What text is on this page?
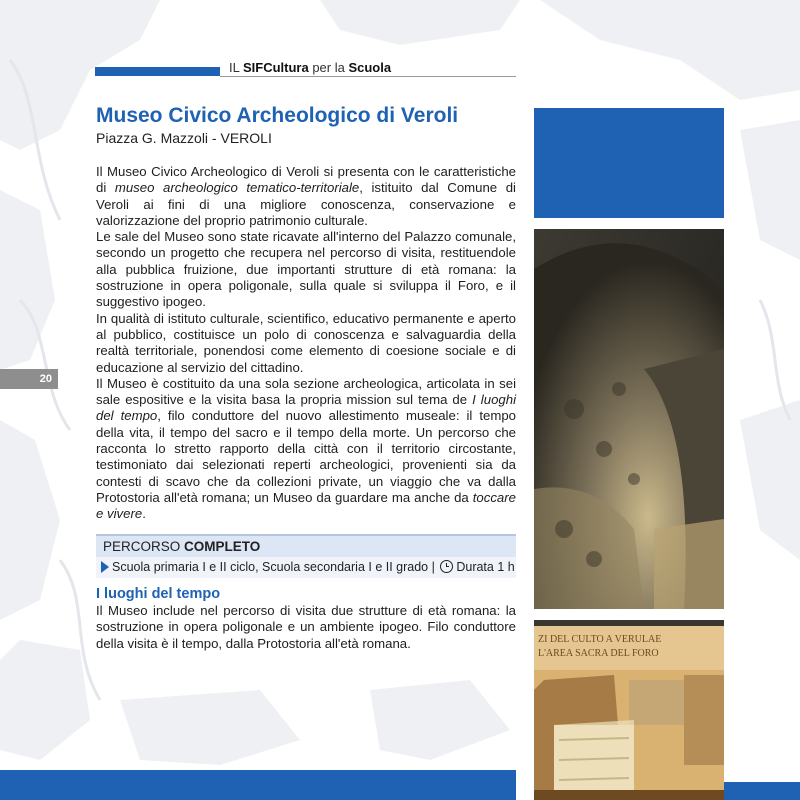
IL SIFCultura per la Scuola
Museo Civico Archeologico di Veroli
Piazza G. Mazzoli - VEROLI
20

Il Museo Civico Archeologico di Veroli si presenta con le caratteristiche di museo archeologico tematico-territoriale, istituito dal Comune di Veroli ai fini di una migliore conoscenza, conservazione e valorizzazione del proprio patrimonio culturale.

Le sale del Museo sono state ricavate all'interno del Palazzo comunale, secondo un progetto che recupera nel percorso di visita, restituendole alla pubblica fruizione, due importanti strutture di età romana: la sostruzione in opera poligonale, sulla quale si sviluppa il Foro, e il suggestivo ipogeo.

In qualità di istituto culturale, scientifico, educativo permanente e aperto al pubblico, costituisce un polo di conoscenza e salvaguardia della realtà territoriale, ponendosi come elemento di coesione sociale e di educazione al servizio del cittadino.

Il Museo è costituito da una sola sezione archeologica, articolata in sei sale espositive e la visita basa la propria mission sul tema de I luoghi del tempo, filo conduttore del nuovo allestimento museale: il tempo della vita, il tempo del sacro e il tempo della morte. Un percorso che racconta lo stretto rapporto della città con il territorio circostante, testimoniato dai selezionati reperti archeologici, provenienti sia da contesti di scavo che da collezioni private, un viaggio che va dalla Protostoria all'età romana; un Museo da guardare ma anche da toccare e vivere.

PERCORSO COMPLETO
Scuola primaria I e II ciclo, Scuola secondaria I e II grado | Durata 1 h
I luoghi del tempo

Il Museo include nel percorso di visita due strutture di età romana: la sostruzione in opera poligonale e un ambiente ipogeo. Filo conduttore della visita è il tempo, dalla Protostoria all'età romana.	ZI DEL CULTO A VERULAE
L'AREA SACRA DEL FORO
